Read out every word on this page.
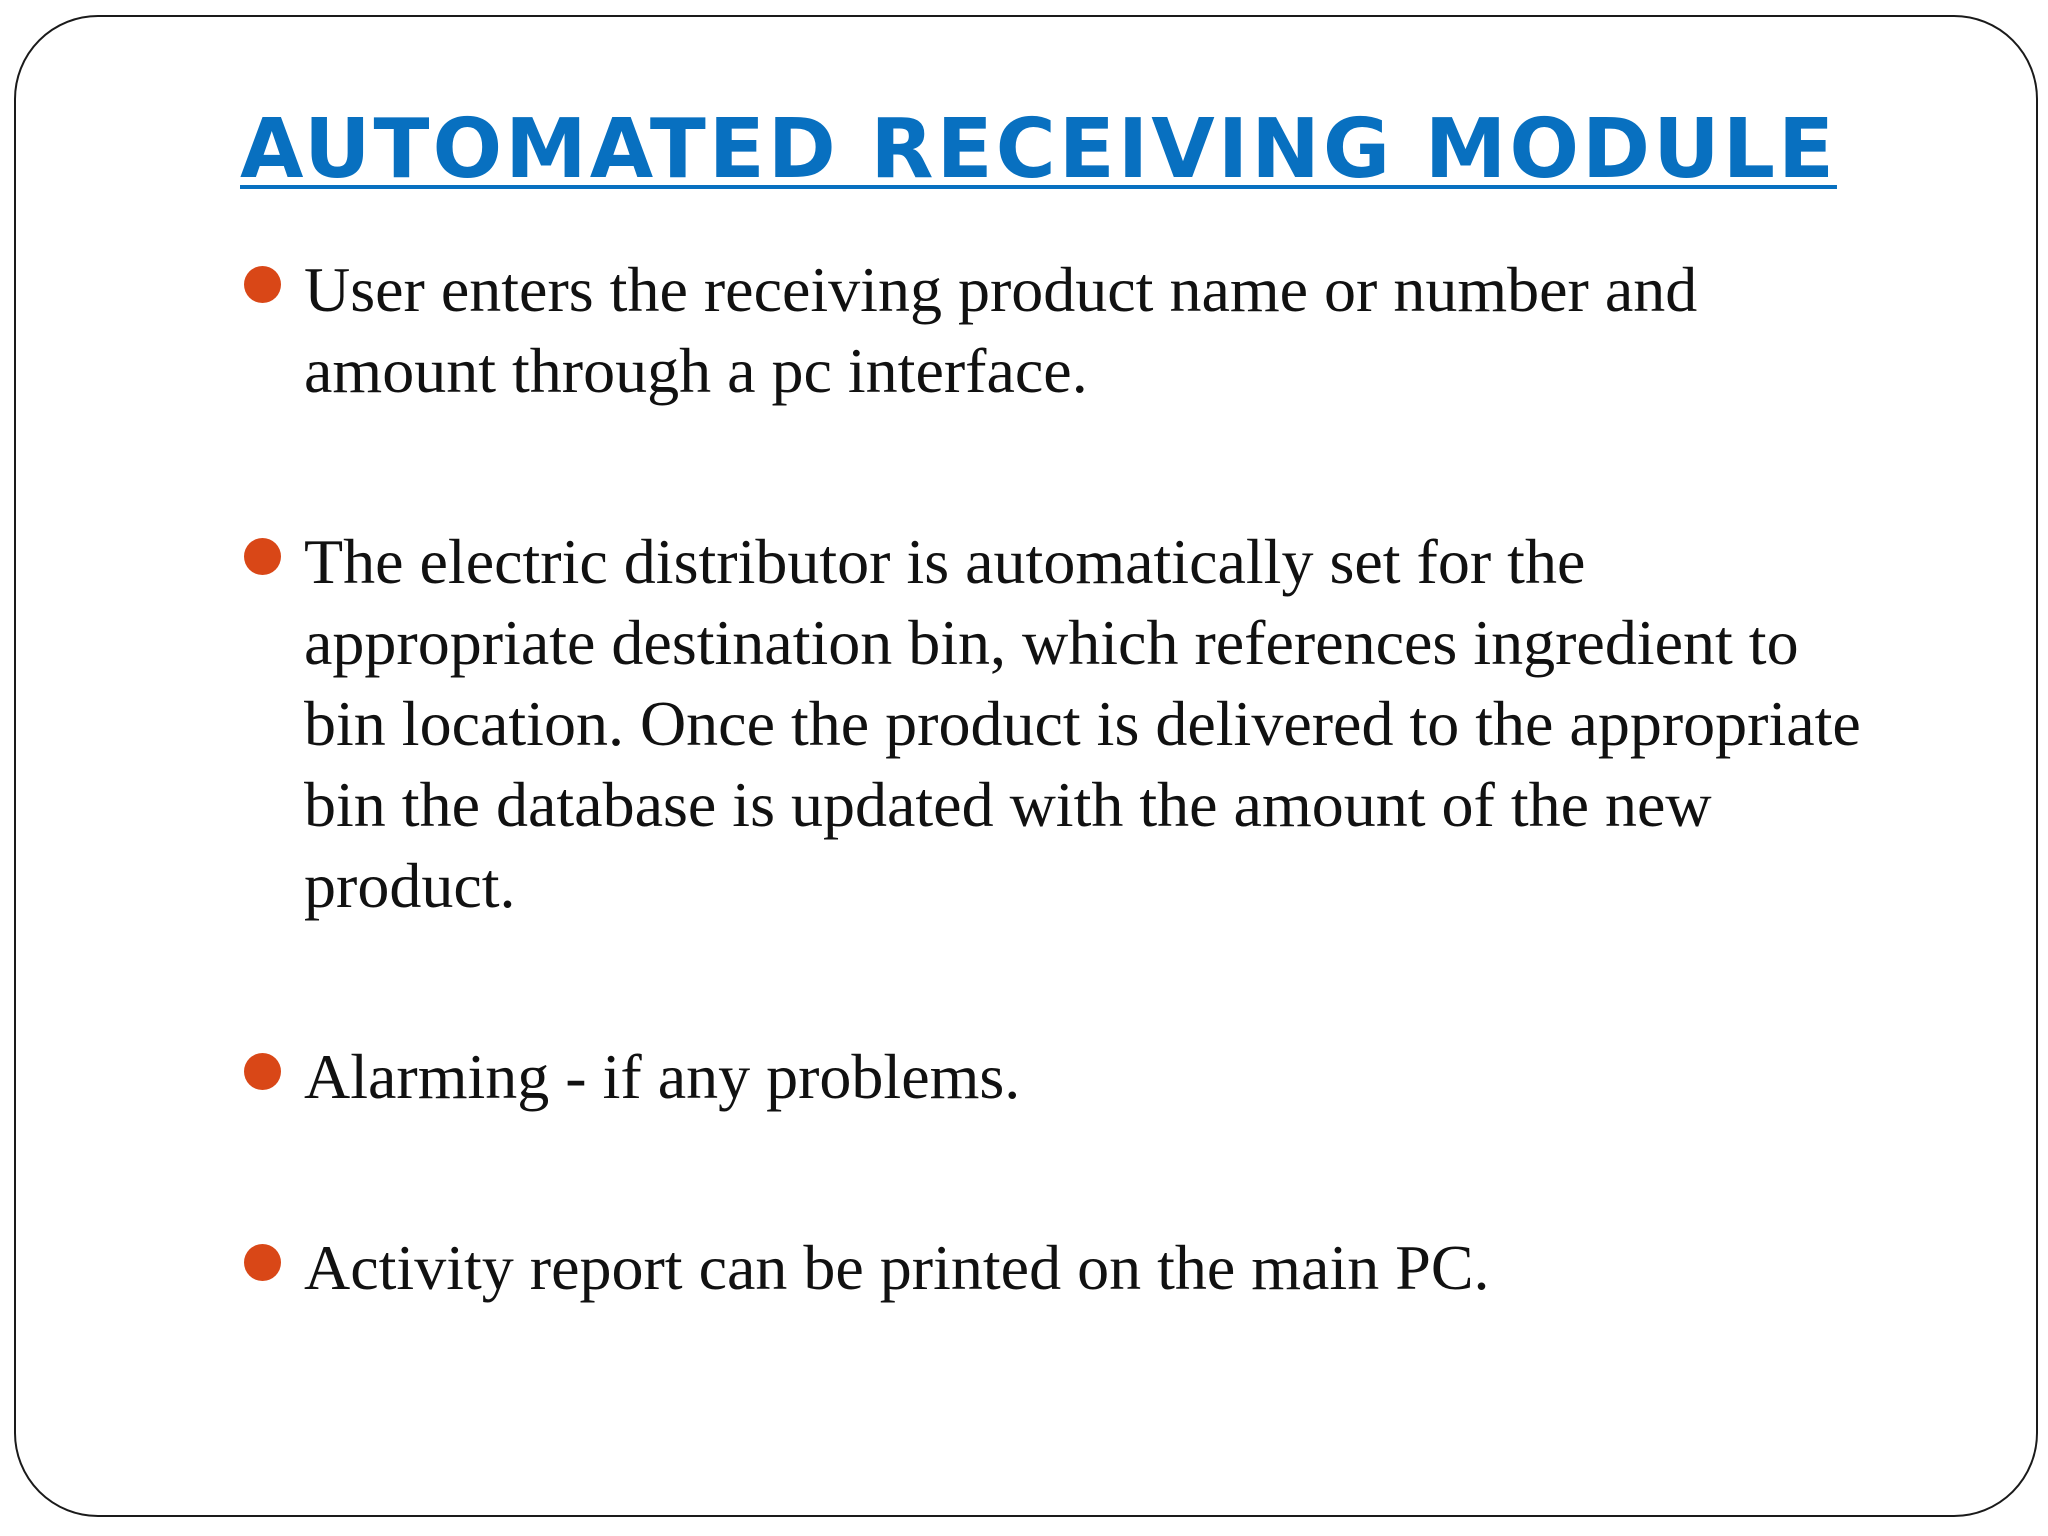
AUTOMATED RECEIVING MODULE
User enters the receiving product name or number and amount through a pc interface.
The electric distributor is automatically set for the appropriate destination bin, which references ingredient to bin location. Once the product is delivered to the appropriate bin the database is updated with the amount of the new product.
Alarming - if any problems.
Activity report can be printed on the main PC.
